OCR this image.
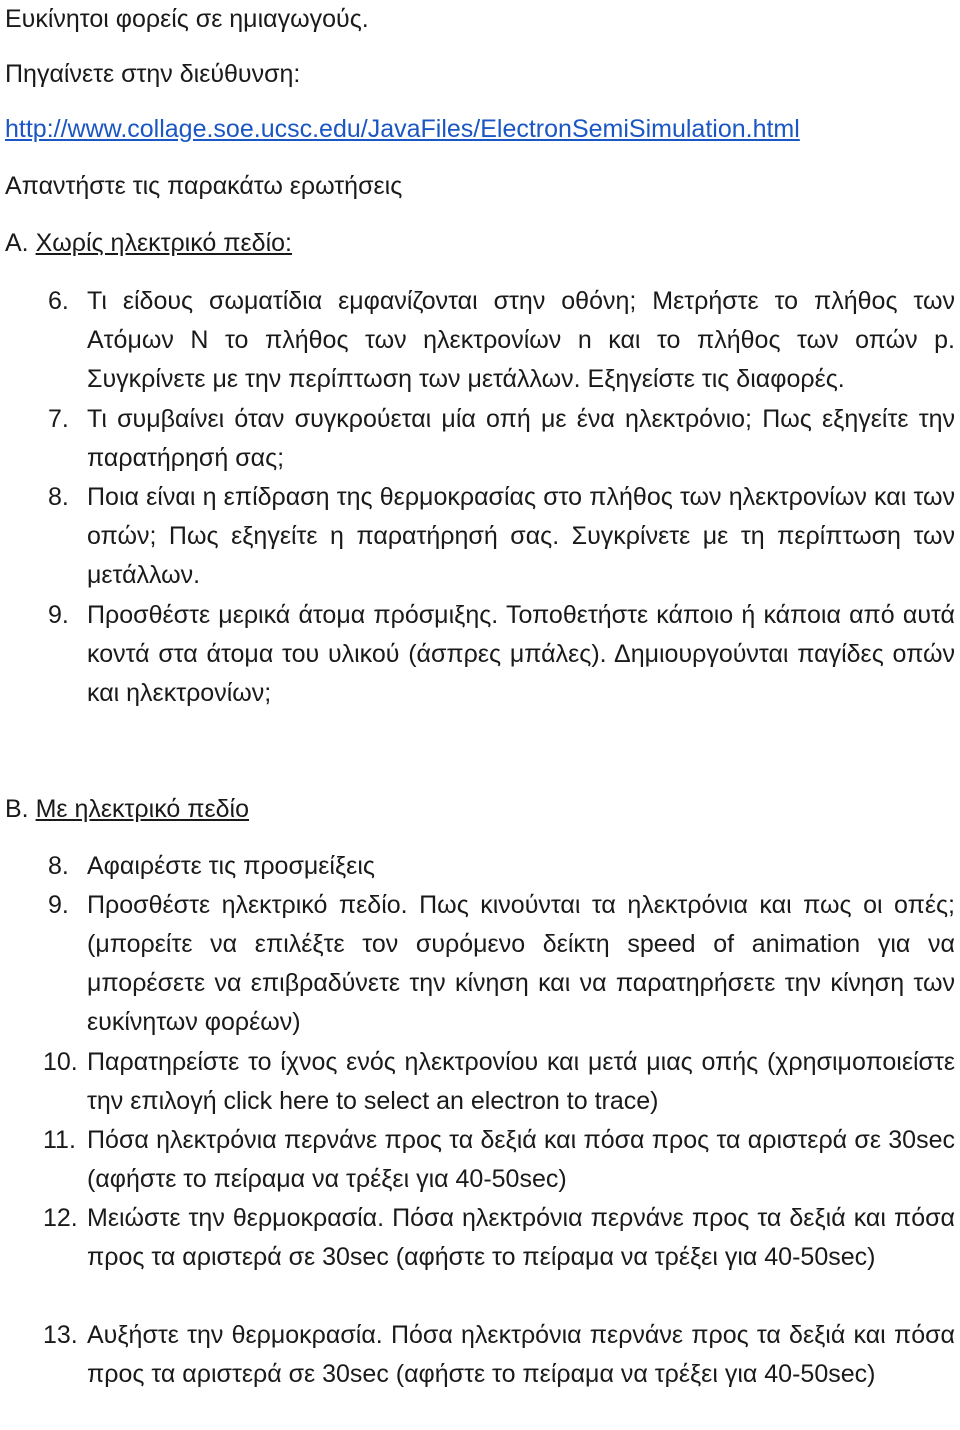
Ευκίνητοι φορείς σε ημιαγωγούς.
Πηγαίνετε στην διεύθυνση:
http://www.collage.soe.ucsc.edu/JavaFiles/ElectronSemiSimulation.html
Απαντήστε τις παρακάτω ερωτήσεις
A. Χωρίς ηλεκτρικό πεδίο:
6. Τι είδους σωματίδια εμφανίζονται στην οθόνη; Μετρήστε το πλήθος των Ατόμων N το πλήθος των ηλεκτρονίων n και το πλήθος των οπών p. Συγκρίνετε με την περίπτωση των μετάλλων. Εξηγείστε τις διαφορές.
7. Τι συμβαίνει όταν συγκρούεται μία οπή με ένα ηλεκτρόνιο; Πως εξηγείτε την παρατήρησή σας;
8. Ποια είναι η επίδραση της θερμοκρασίας στο πλήθος των ηλεκτρονίων και των οπών; Πως εξηγείτε η παρατήρησή σας. Συγκρίνετε με τη περίπτωση των μετάλλων.
9. Προσθέστε μερικά άτομα πρόσμιξης. Τοποθετήστε κάποιο ή κάποια από αυτά κοντά στα άτομα του υλικού (άσπρες μπάλες). Δημιουργούνται παγίδες οπών και ηλεκτρονίων;
B. Με ηλεκτρικό πεδίο
8. Αφαιρέστε τις προσμείξεις
9. Προσθέστε ηλεκτρικό πεδίο. Πως κινούνται τα ηλεκτρόνια και πως οι οπές; (μπορείτε να επιλέξτε τον συρόμενο δείκτη speed of animation για να μπορέσετε να επιβραδύνετε την κίνηση και να παρατηρήσετε την κίνηση των ευκίνητων φορέων)
10. Παρατηρείστε το ίχνος ενός ηλεκτρονίου και μετά μιας οπής (χρησιμοποιείστε την επιλογή click here to select an electron to trace)
11. Πόσα ηλεκτρόνια περνάνε προς τα δεξιά και πόσα προς τα αριστερά σε 30sec (αφήστε το πείραμα να τρέξει για 40-50sec)
12. Μειώστε την θερμοκρασία. Πόσα ηλεκτρόνια περνάνε προς τα δεξιά και πόσα προς τα αριστερά σε 30sec (αφήστε το πείραμα να τρέξει για 40-50sec)
13. Αυξήστε την θερμοκρασία. Πόσα ηλεκτρόνια περνάνε προς τα δεξιά και πόσα προς τα αριστερά σε 30sec (αφήστε το πείραμα να τρέξει για 40-50sec)
